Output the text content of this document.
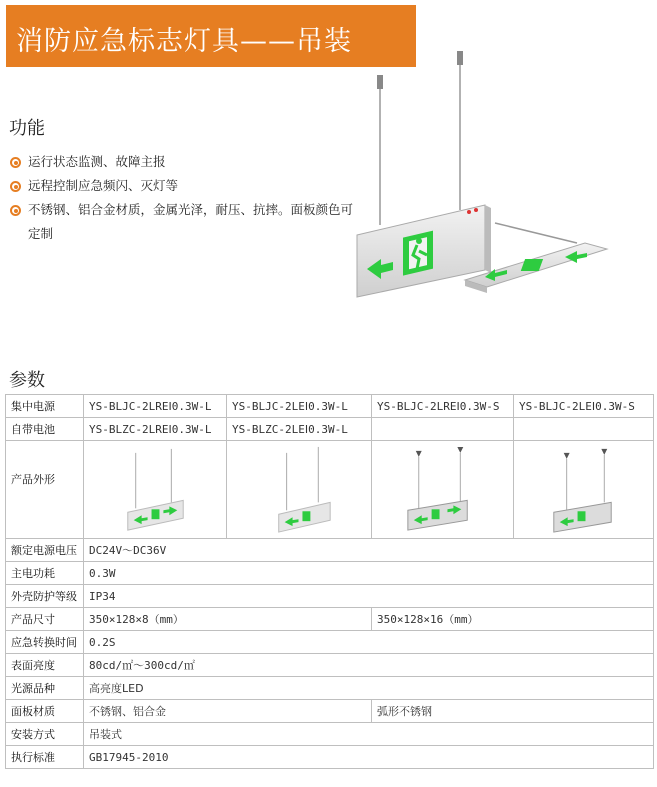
消防应急标志灯具——吊装
功能
运行状态监测、故障主报
远程控制应急频闪、灭灯等
不锈钢、铝合金材质，金属光泽，耐压、抗摔。面板颜色可定制
参数
集中电源	YS-BLJC-2LREⅠ0.3W-L	YS-BLJC-2LEⅠ0.3W-L	YS-BLJC-2LREⅠ0.3W-S	YS-BLJC-2LEⅠ0.3W-S
自带电池	YS-BLZC-2LREⅠ0.3W-L	YS-BLZC-2LEⅠ0.3W-L		
产品外形	

额定电源电压	DC24V～DC36V			
主电功耗	0.3W			
外壳防护等级	IP34			
产品尺寸	350×128×8（mm）		350×128×16（mm）	
应急转换时间	0.2S			
表面亮度	80cd/㎡～300cd/㎡			
光源品种	高亮度LED			
面板材质	不锈钢、铝合金		弧形不锈钢	
安装方式	吊装式			
执行标准	GB17945-2010			
